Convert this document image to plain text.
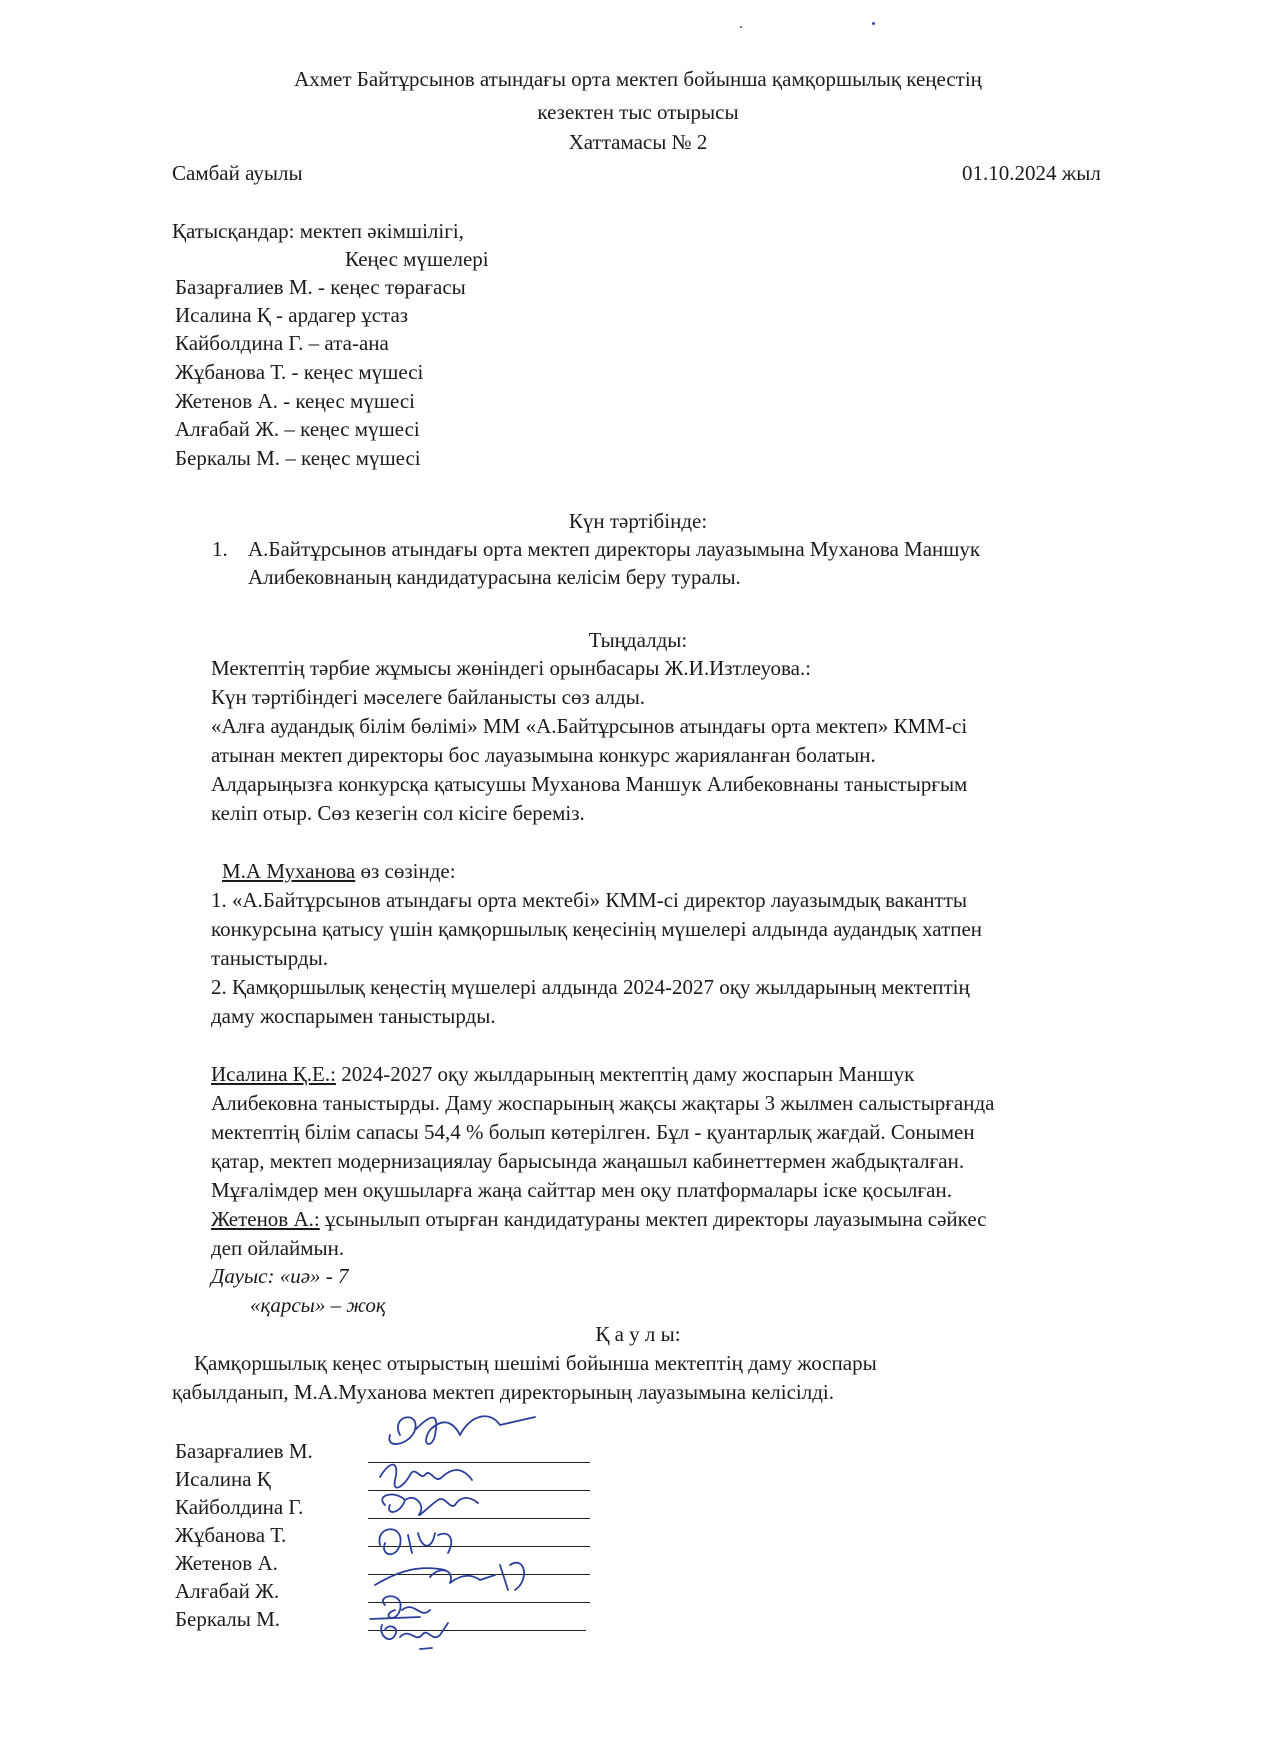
Ахмет Байтұрсынов атындағы орта мектеп бойынша қамқоршылық кеңестің
кезектен тыс отырысы
Хаттамасы № 2
Самбай ауылы	01.10.2024 жыл
Қатысқандар: мектеп әкімшілігі,
Кеңес мүшелері
Базарғалиев М. - кеңес төрағасы
Исалина Қ - ардагер ұстаз
Кайболдина Г. – ата-ана
Жұбанова Т. - кеңес мүшесі
Жетенов А. - кеңес мүшесі
Алғабай Ж. – кеңес мүшесі
Беркалы М. – кеңес мүшесі
Күн тәртібінде:
1. А.Байтұрсынов атындағы орта мектеп директоры лауазымына Муханова Маншук
Алибековнаның кандидатурасына келісім беру туралы.
Тыңдалды:
Мектептің тәрбие жұмысы жөніндегі орынбасары Ж.И.Изтлеуова.:
Күн тәртібіндегі мәселеге байланысты сөз алды.
«Алға аудандық білім бөлімі» ММ «А.Байтұрсынов атындағы орта мектеп» КММ-сі
атынан мектеп директоры бос лауазымына конкурс жарияланған болатын.
Алдарыңызға конкурсқа қатысушы Муханова Маншук Алибековнаны таныстырғым
келіп отыр. Сөз кезегін сол кісіге береміз.
М.А Муханова өз сөзінде:
1. «А.Байтұрсынов атындағы орта мектебі» КММ-сі директор лауазымдық вакантты
конкурсына қатысу үшін қамқоршылық кеңесінің мүшелері алдында аудандық хатпен
таныстырды.
2. Қамқоршылық кеңестің мүшелері алдында 2024-2027 оқу жылдарының мектептің
даму жоспарымен таныстырды.
Исалина Қ.Е.: 2024-2027 оқу жылдарының мектептің даму жоспарын Маншук
Алибековна таныстырды. Даму жоспарының жақсы жақтары 3 жылмен салыстырғанда
мектептің білім сапасы 54,4 % болып көтерілген. Бұл - қуантарлық жағдай. Сонымен
қатар, мектеп модернизациялау барысында жаңашыл кабинеттермен жабдықталған.
Мұғалімдер мен оқушыларға жаңа сайттар мен оқу платформалары іске қосылған.
Жетенов А.: ұсынылып отырған кандидатураны мектеп директоры лауазымына сәйкес
деп ойлаймын.
Дауыс: «иә» - 7
«қарсы» – жоқ
Қ а у л ы:
Қамқоршылық кеңес отырыстың шешімі бойынша мектептің даму жоспары
қабылданып, М.А.Муханова мектеп директорының лауазымына келісілді.
Базарғалиев М.
Исалина Қ
Кайболдина Г.
Жұбанова Т.
Жетенов А.
Алғабай Ж.
Беркалы М.
